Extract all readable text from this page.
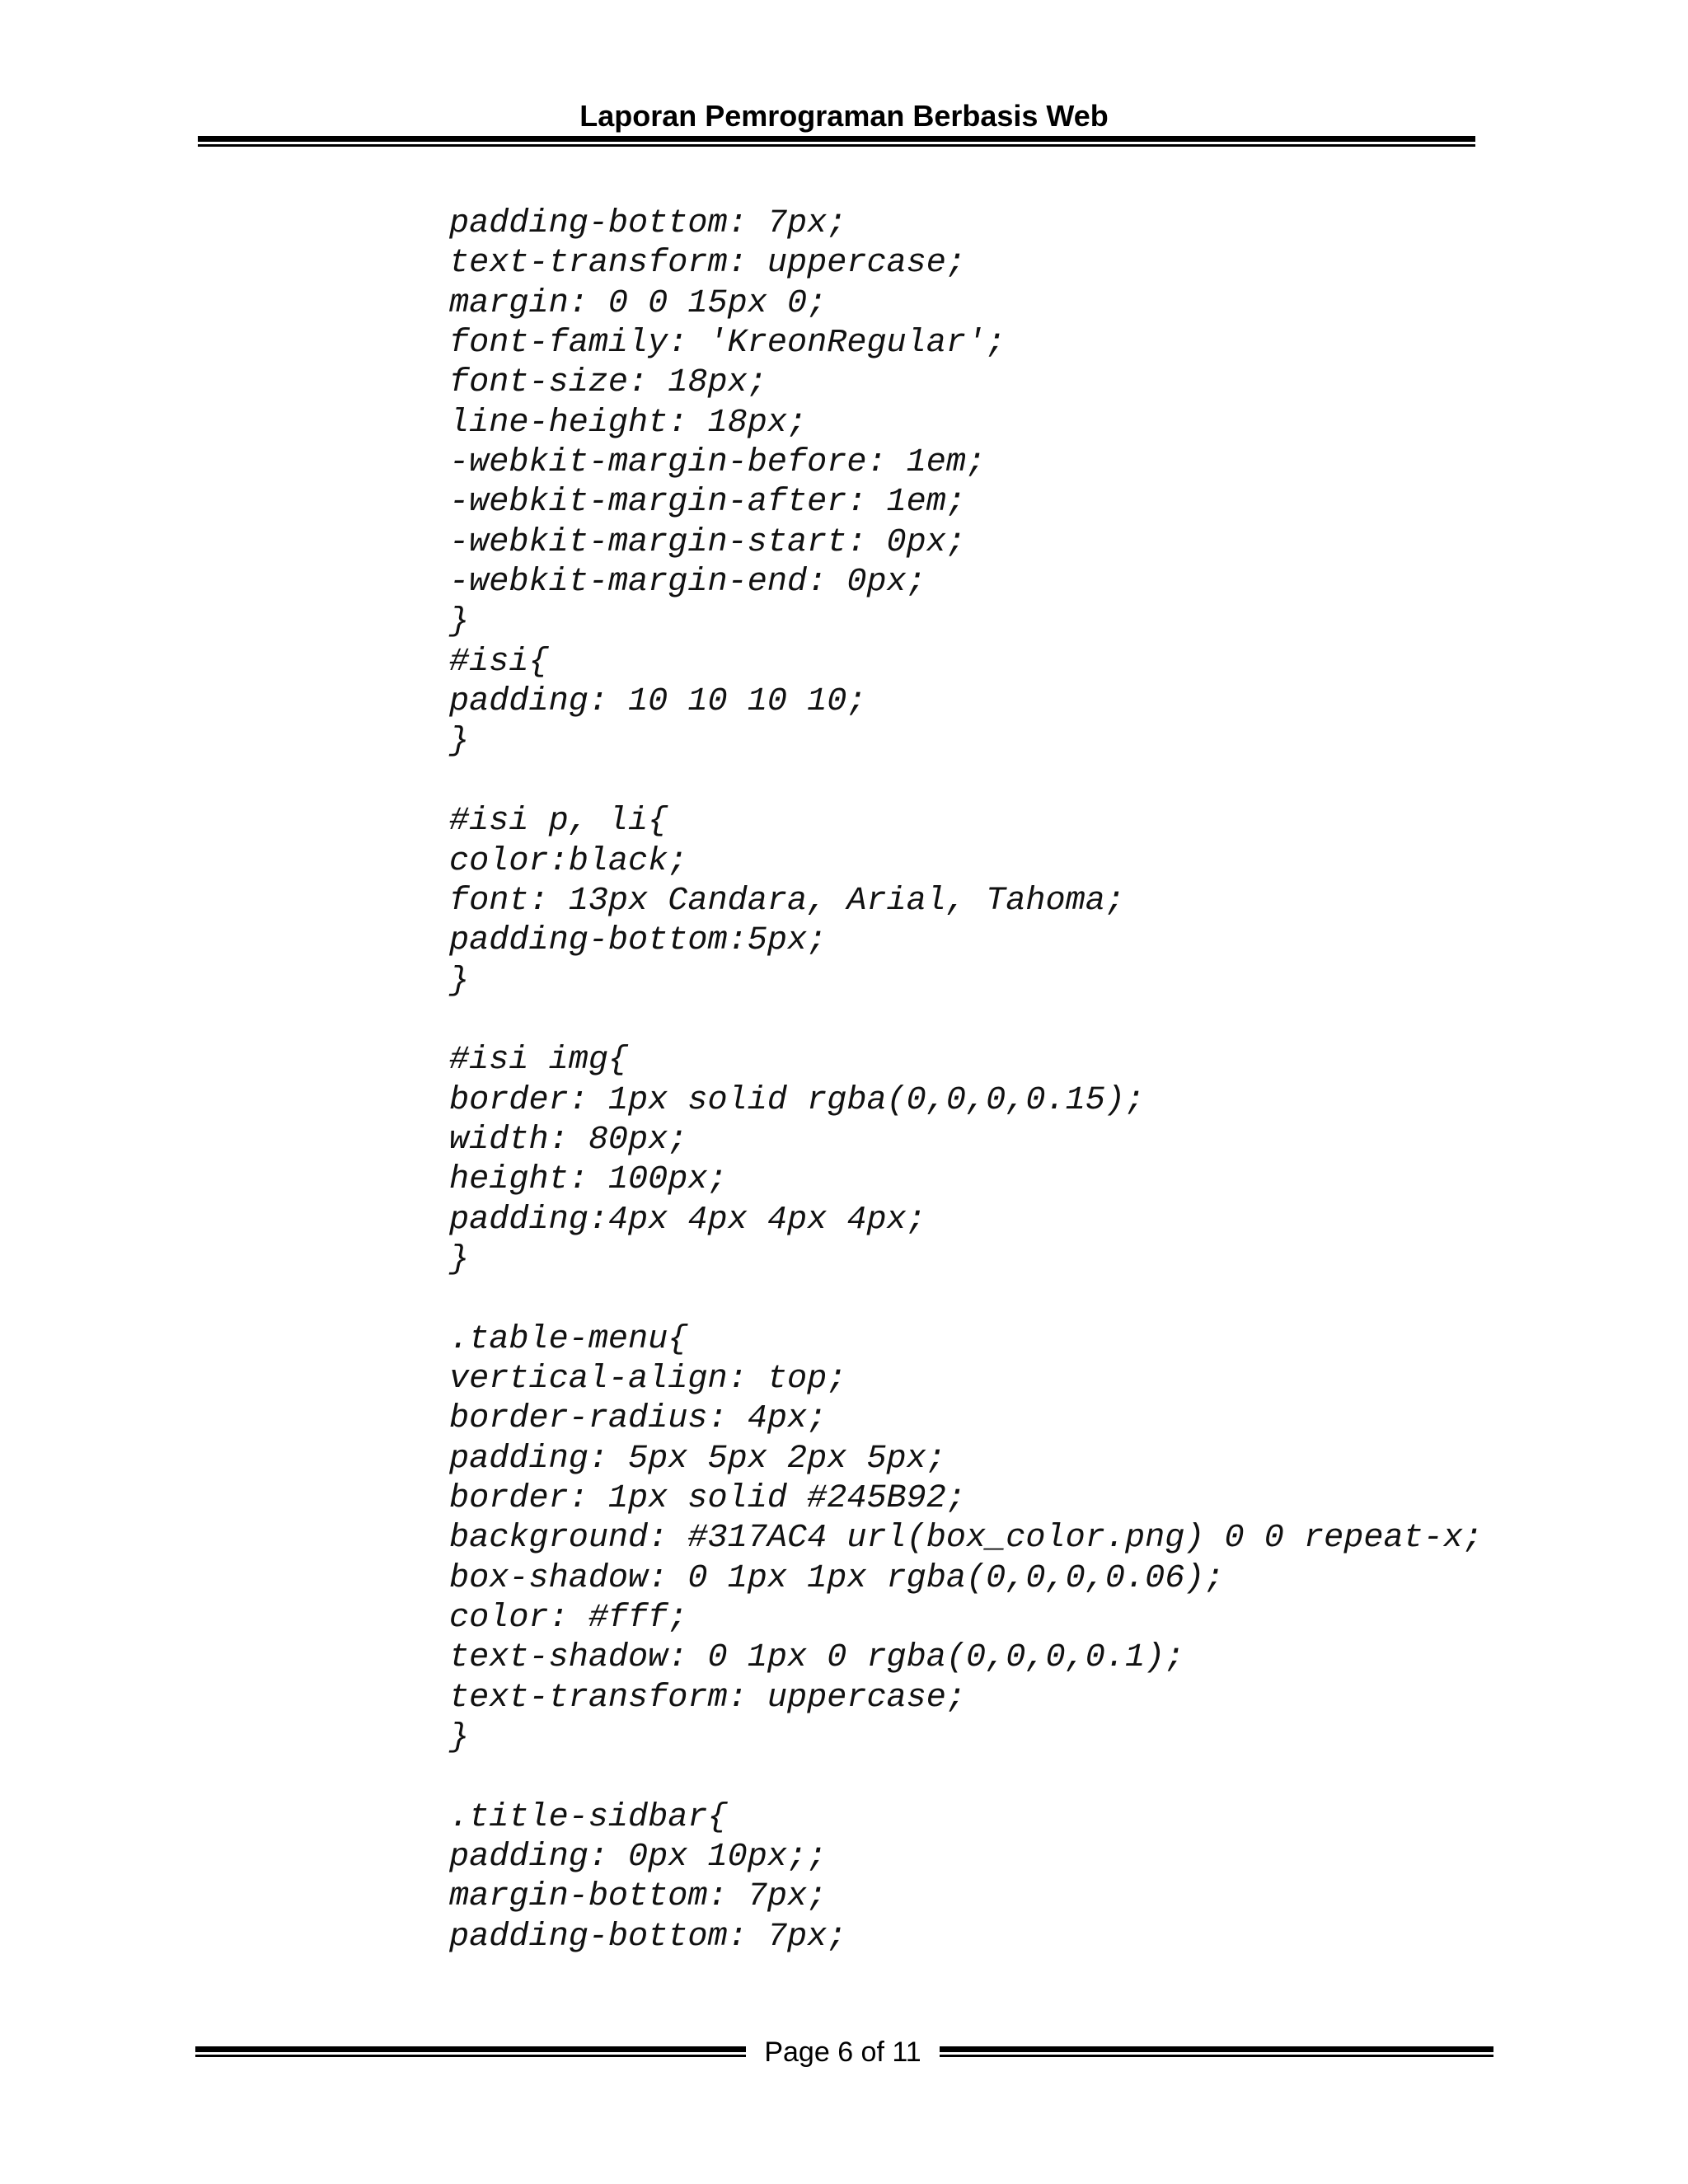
Laporan Pemrograman Berbasis Web
padding-bottom: 7px;
text-transform: uppercase;
margin: 0 0 15px 0;
font-family: 'KreonRegular';
font-size: 18px;
line-height: 18px;
-webkit-margin-before: 1em;
-webkit-margin-after: 1em;
-webkit-margin-start: 0px;
-webkit-margin-end: 0px;
}
#isi{
padding: 10 10 10 10;
}
#isi p, li{
color:black;
font: 13px Candara, Arial, Tahoma;
padding-bottom:5px;
}
#isi img{
border: 1px solid rgba(0,0,0,0.15);
width: 80px;
height: 100px;
padding:4px 4px 4px 4px;
}
.table-menu{
vertical-align: top;
border-radius: 4px;
padding: 5px 5px 2px 5px;
border: 1px solid #245B92;
background: #317AC4 url(box_color.png) 0 0 repeat-x;
box-shadow: 0 1px 1px rgba(0,0,0,0.06);
color: #fff;
text-shadow: 0 1px 0 rgba(0,0,0,0.1);
text-transform: uppercase;
}
.title-sidbar{
padding: 0px 10px;;
margin-bottom: 7px;
padding-bottom: 7px;
Page 6 of 11
